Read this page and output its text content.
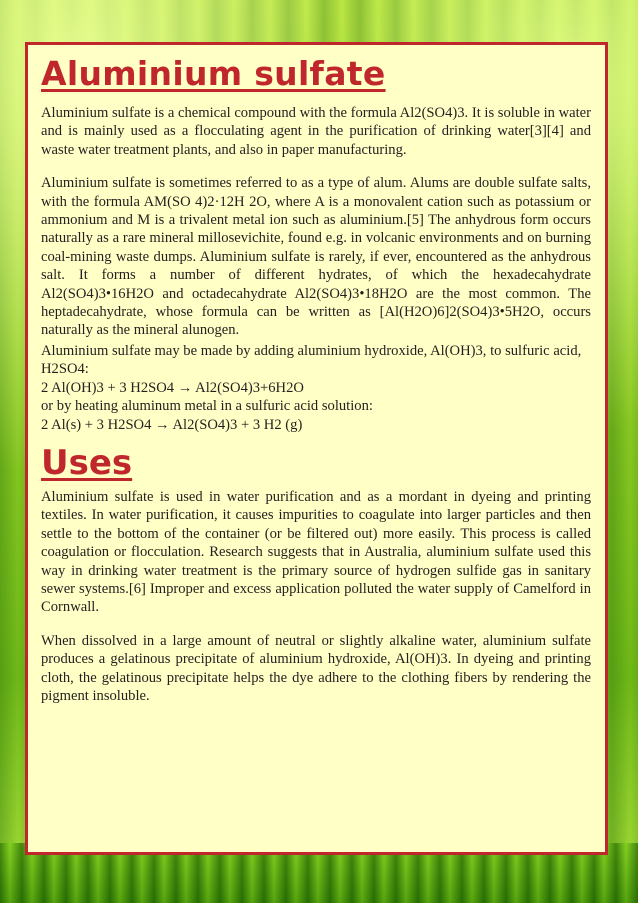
Aluminium sulfate

Aluminium sulfate is a chemical compound with the formula Al2(SO4)3. It is soluble in water and is mainly used as a flocculating agent in the purification of drinking water[3][4] and waste water treatment plants, and also in paper manufacturing.

Aluminium sulfate is sometimes referred to as a type of alum. Alums are double sulfate salts, with the formula AM(SO 4)2·12H 2O, where A is a monovalent cation such as potassium or ammonium and M is a trivalent metal ion such as aluminium.[5] The anhydrous form occurs naturally as a rare mineral millosevichite, found e.g. in volcanic environments and on burning coal-mining waste dumps. Aluminium sulfate is rarely, if ever, encountered as the anhydrous salt. It forms a number of different hydrates, of which the hexadecahydrate Al2(SO4)3•16H2O and octadecahydrate Al2(SO4)3•18H2O are the most common. The heptadecahydrate, whose formula can be written as [Al(H2O)6]2(SO4)3•5H2O, occurs naturally as the mineral alunogen.

Aluminium sulfate may be made by adding aluminium hydroxide, Al(OH)3, to sulfuric acid, H2SO4:
2 Al(OH)3 + 3 H2SO4 → Al2(SO4)3+6H2O
or by heating aluminum metal in a sulfuric acid solution:
2 Al(s) + 3 H2SO4 → Al2(SO4)3 + 3 H2 (g)

Uses

Aluminium sulfate is used in water purification and as a mordant in dyeing and printing textiles. In water purification, it causes impurities to coagulate into larger particles and then settle to the bottom of the container (or be filtered out) more easily. This process is called coagulation or flocculation. Research suggests that in Australia, aluminium sulfate used this way in drinking water treatment is the primary source of hydrogen sulfide gas in sanitary sewer systems.[6] Improper and excess application polluted the water supply of Camelford in Cornwall.

When dissolved in a large amount of neutral or slightly alkaline water, aluminium sulfate produces a gelatinous precipitate of aluminium hydroxide, Al(OH)3. In dyeing and printing cloth, the gelatinous precipitate helps the dye adhere to the clothing fibers by rendering the pigment insoluble.
